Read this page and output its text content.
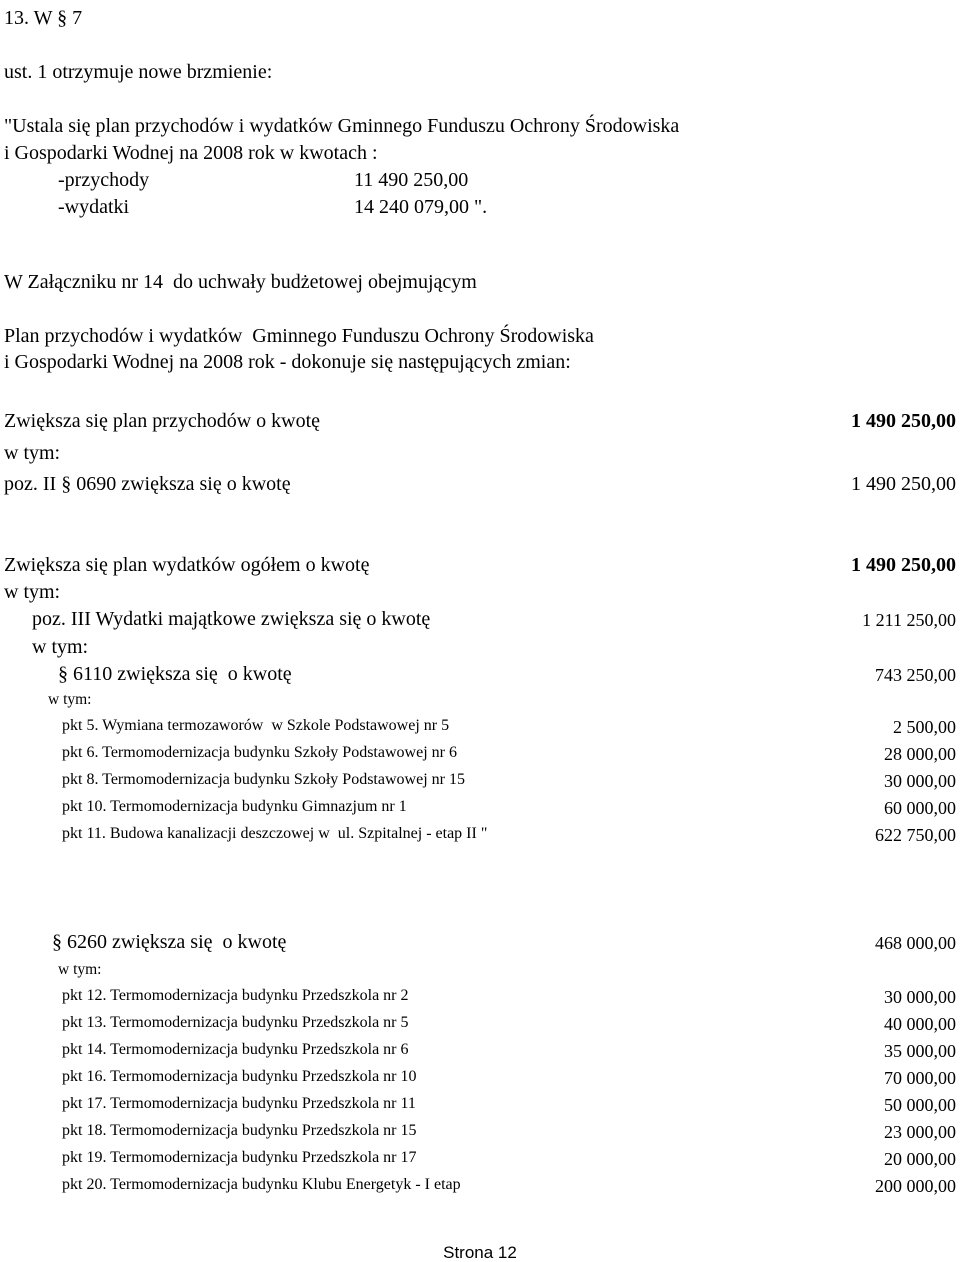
13. W § 7
ust. 1 otrzymuje nowe brzmienie:
"Ustala się plan przychodów i wydatków Gminnego Funduszu Ochrony Środowiska
i Gospodarki Wodnej na 2008 rok w kwotach :
-przychody	11 490 250,00
-wydatki	14 240 079,00 ".
W Załączniku nr 14  do uchwały budżetowej obejmującym
Plan przychodów i wydatków  Gminnego Funduszu Ochrony Środowiska
i Gospodarki Wodnej na 2008 rok - dokonuje się następujących zmian:
Zwiększa się plan przychodów o kwotę	1 490 250,00
w tym:
poz. II § 0690 zwiększa się o kwotę	1 490 250,00
Zwiększa się plan wydatków ogółem o kwotę	1 490 250,00
w tym:
poz. III Wydatki majątkowe zwiększa się o kwotę	1 211 250,00
w tym:
§ 6110 zwiększa się  o kwotę	743 250,00
w tym:
pkt 5. Wymiana termozaworów  w Szkole Podstawowej nr 5	2 500,00
pkt 6. Termomodernizacja budynku Szkoły Podstawowej nr 6	28 000,00
pkt 8. Termomodernizacja budynku Szkoły Podstawowej nr 15	30 000,00
pkt 10. Termomodernizacja budynku Gimnazjum nr 1	60 000,00
pkt 11. Budowa kanalizacji deszczowej w  ul. Szpitalnej - etap II "	622 750,00
§ 6260 zwiększa się  o kwotę	468 000,00
w tym:
pkt 12. Termomodernizacja budynku Przedszkola nr 2	30 000,00
pkt 13. Termomodernizacja budynku Przedszkola nr 5	40 000,00
pkt 14. Termomodernizacja budynku Przedszkola nr 6	35 000,00
pkt 16. Termomodernizacja budynku Przedszkola nr 10	70 000,00
pkt 17. Termomodernizacja budynku Przedszkola nr 11	50 000,00
pkt 18. Termomodernizacja budynku Przedszkola nr 15	23 000,00
pkt 19. Termomodernizacja budynku Przedszkola nr 17	20 000,00
pkt 20. Termomodernizacja budynku Klubu Energetyk - I etap	200 000,00
Strona 12
